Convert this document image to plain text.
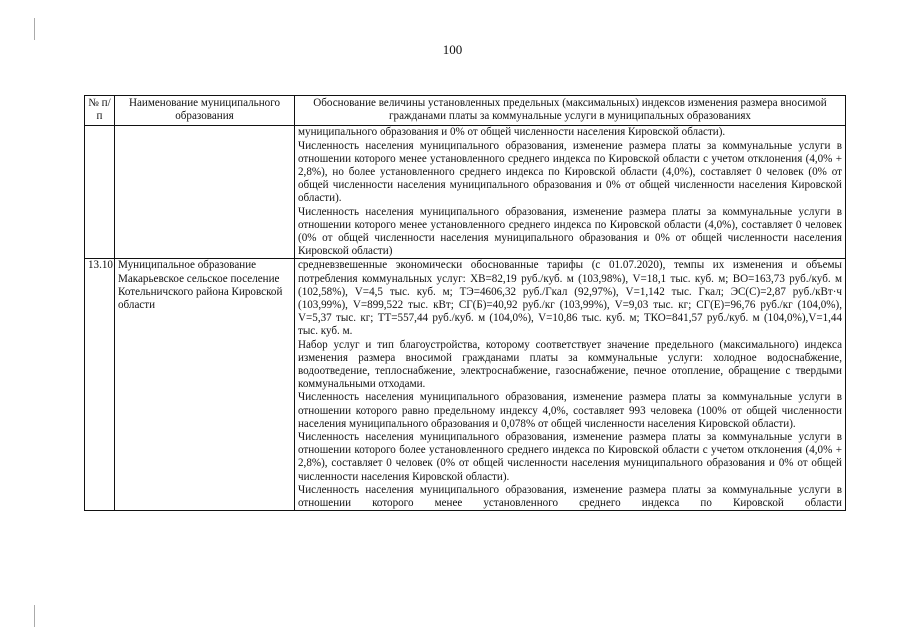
100
№ п/п	Наименование муниципального образования	Обоснование величины установленных предельных (максимальных) индексов изменения размера вносимой гражданами платы за коммунальные услуги в муниципальных образованиях

		муниципального образования и 0% от общей численности населения Кировской области).

Численность населения муниципального образования, изменение размера платы за коммунальные услуги в отношении которого менее установленного среднего индекса по Кировской области с учетом отклонения (4,0% + 2,8%), но более установленного среднего индекса по Кировской области (4,0%), составляет 0 человек (0% от общей численности населения муниципального образования и 0% от общей численности населения Кировской области).

Численность населения муниципального образования, изменение размера платы за коммунальные услуги в отношении которого менее установленного среднего индекса по Кировской области (4,0%), составляет 0 человек (0% от общей численности населения муниципального образования и 0% от общей численности населения Кировской области)

13.10	Муниципальное образование Макарьевское сельское поселение Котельничского района Кировской области	средневзвешенные экономически обоснованные тарифы (с 01.07.2020), темпы их изменения и объемы потребления коммунальных услуг: ХВ=82,19 руб./куб. м (103,98%), V=18,1 тыс. куб. м; ВО=163,73 руб./куб. м (102,58%), V=4,5 тыс. куб. м; ТЭ=4606,32 руб./Гкал (92,97%), V=1,142 тыс. Гкал; ЭС(С)=2,87 руб./кВт·ч (103,99%), V=899,522 тыс. кВт; СГ(Б)=40,92 руб./кг (103,99%), V=9,03 тыс. кг; СГ(Е)=96,76 руб./кг (104,0%), V=5,37 тыс. кг; ТТ=557,44 руб./куб. м (104,0%), V=10,86 тыс. куб. м; ТКО=841,57 руб./куб. м (104,0%),V=1,44 тыс. куб. м.

Набор услуг и тип благоустройства, которому соответствует значение предельного (максимального) индекса изменения размера вносимой гражданами платы за коммунальные услуги: холодное водоснабжение, водоотведение, теплоснабжение, электроснабжение, газоснабжение, печное отопление, обращение с твердыми коммунальными отходами.

Численность населения муниципального образования, изменение размера платы за коммунальные услуги в отношении которого равно предельному индексу 4,0%, составляет 993 человека (100% от общей численности населения муниципального образования и 0,078% от общей численности населения Кировской области).

Численность населения муниципального образования, изменение размера платы за коммунальные услуги в отношении которого более установленного среднего индекса по Кировской области с учетом отклонения (4,0% + 2,8%), составляет 0 человек (0% от общей численности населения муниципального образования и 0% от общей численности населения Кировской области).

Численность населения муниципального образования, изменение размера платы за коммунальные услуги в отношении которого менее установленного среднего индекса по Кировской области
